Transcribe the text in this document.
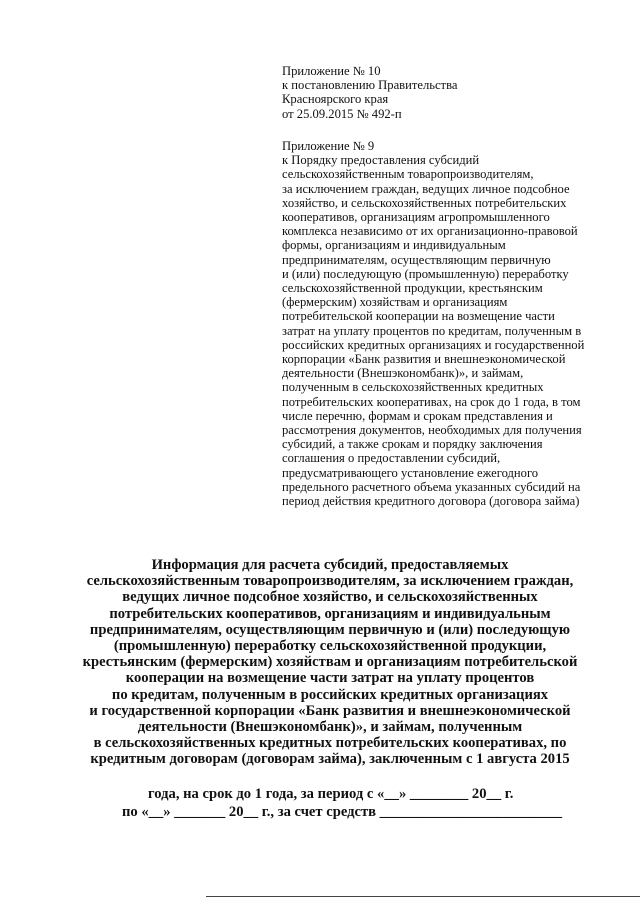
Приложение № 10
к постановлению Правительства
Красноярского края
от 25.09.2015 № 492-п
Приложение № 9
к Порядку предоставления субсидий
сельскохозяйственным товаропроизводителям,
за исключением граждан, ведущих личное подсобное
хозяйство, и сельскохозяйственных потребительских
кооперативов, организациям агропромышленного
комплекса независимо от их организационно-правовой
формы, организациям и индивидуальным
предпринимателям, осуществляющим первичную
и (или) последующую (промышленную) переработку
сельскохозяйственной продукции, крестьянским
(фермерским) хозяйствам и организациям
потребительской кооперации на возмещение части
затрат на уплату процентов по кредитам, полученным в
российских кредитных организациях и государственной
корпорации «Банк развития и внешнеэкономической
деятельности (Внешэкономбанк)», и займам,
полученным в сельскохозяйственных кредитных
потребительских кооперативах, на срок до 1 года, в том
числе перечню, формам и срокам представления и
рассмотрения документов, необходимых для получения
субсидий, а также срокам и порядку заключения
соглашения о предоставлении субсидий,
предусматривающего установление ежегодного
предельного расчетного объема указанных субсидий на
период действия кредитного договора (договора займа)
Информация для расчета субсидий, предоставляемых
сельскохозяйственным товаропроизводителям, за исключением граждан,
ведущих личное подсобное хозяйство, и сельскохозяйственных
потребительских кооперативов, организациям и индивидуальным
предпринимателям, осуществляющим первичную и (или) последующую
(промышленную) переработку сельскохозяйственной продукции,
крестьянским (фермерским) хозяйствам и организациям потребительской
кооперации на возмещение части затрат на уплату процентов
по кредитам, полученным в российских кредитных организациях
и государственной корпорации «Банк развития и внешнеэкономической
деятельности (Внешэкономбанк)», и займам, полученным
в сельскохозяйственных кредитных потребительских кооперативах, по
кредитным договорам (договорам займа), заключенным с 1 августа 2015
года, на срок до 1 года, за период с «__» ________ 20__ г.
по «__» _______ 20__ г., за счет средств _________________________
